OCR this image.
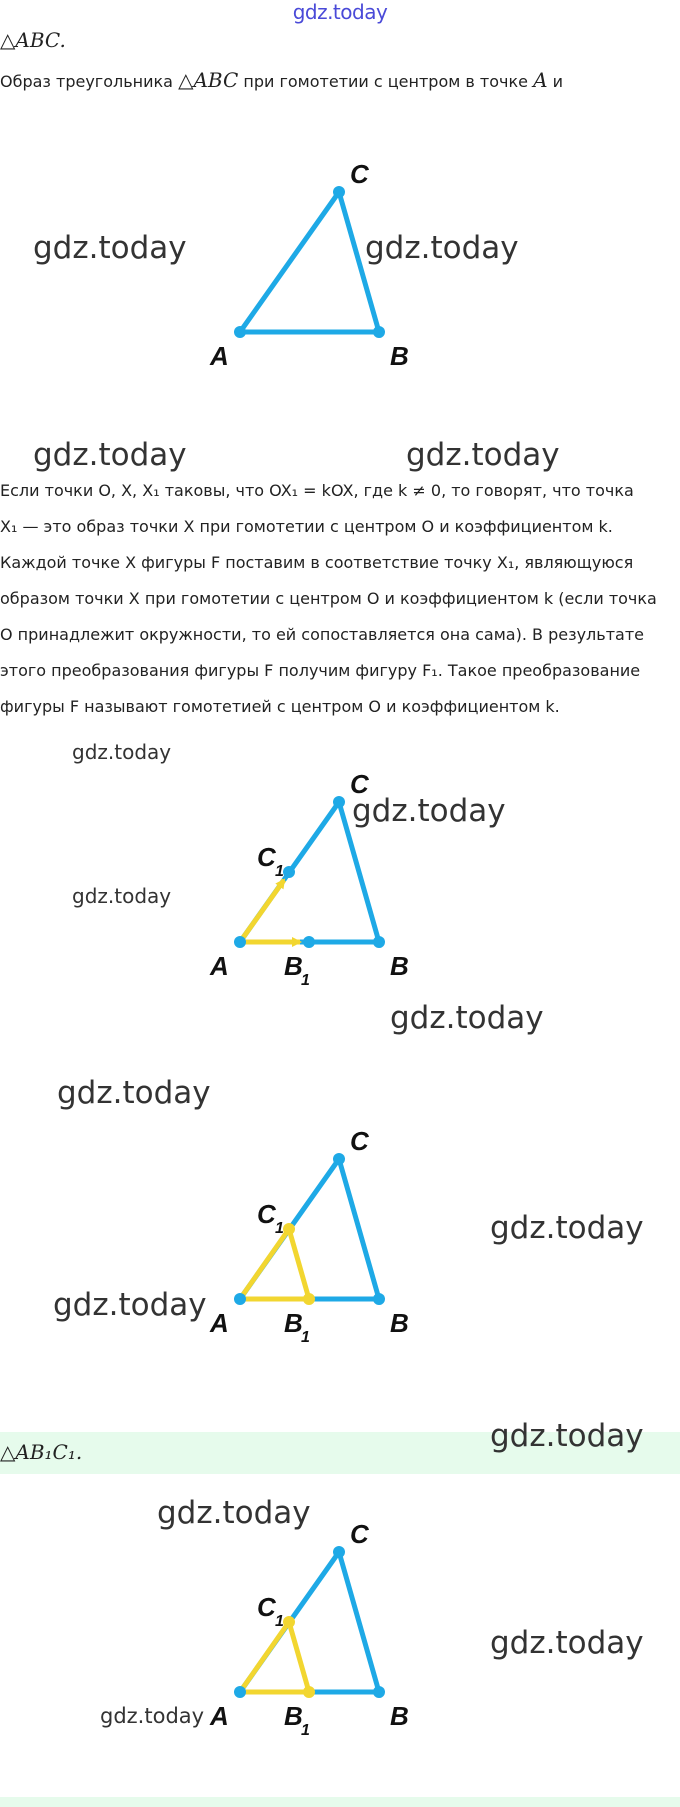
gdz.today
△ABC.
Образ треугольника △ABC при гомотетии с центром в точке A и
A	B
C

Если точки O, X, X₁ таковы, что OX₁ = kOX, где k ≠ 0, то говорят, что точка

X₁ — это образ точки X при гомотетии с центром O и коэффициентом k.

Каждой точке X фигуры F поставим в соответствие точку X₁, являющуюся

образом точки X при гомотетии с центром O и коэффициентом k (если точка

O принадлежит окружности, то ей сопоставляется она сама). В результате

этого преобразования фигуры F получим фигуру F₁. Такое преобразование

фигуры F называют гомотетией с центром O и коэффициентом k.

A	B
C
B
1
C 1
A	B
C
B
1
C 1
△AB₁C₁.
A	B
C
B
1
C 1
gdz.today	gdz.today
gdz.today	gdz.today
gdz.today
gdz.today
gdz.today
gdz.today
gdz.today
gdz.today
gdz.today
gdz.today
gdz.today
gdz.today
gdz.today
